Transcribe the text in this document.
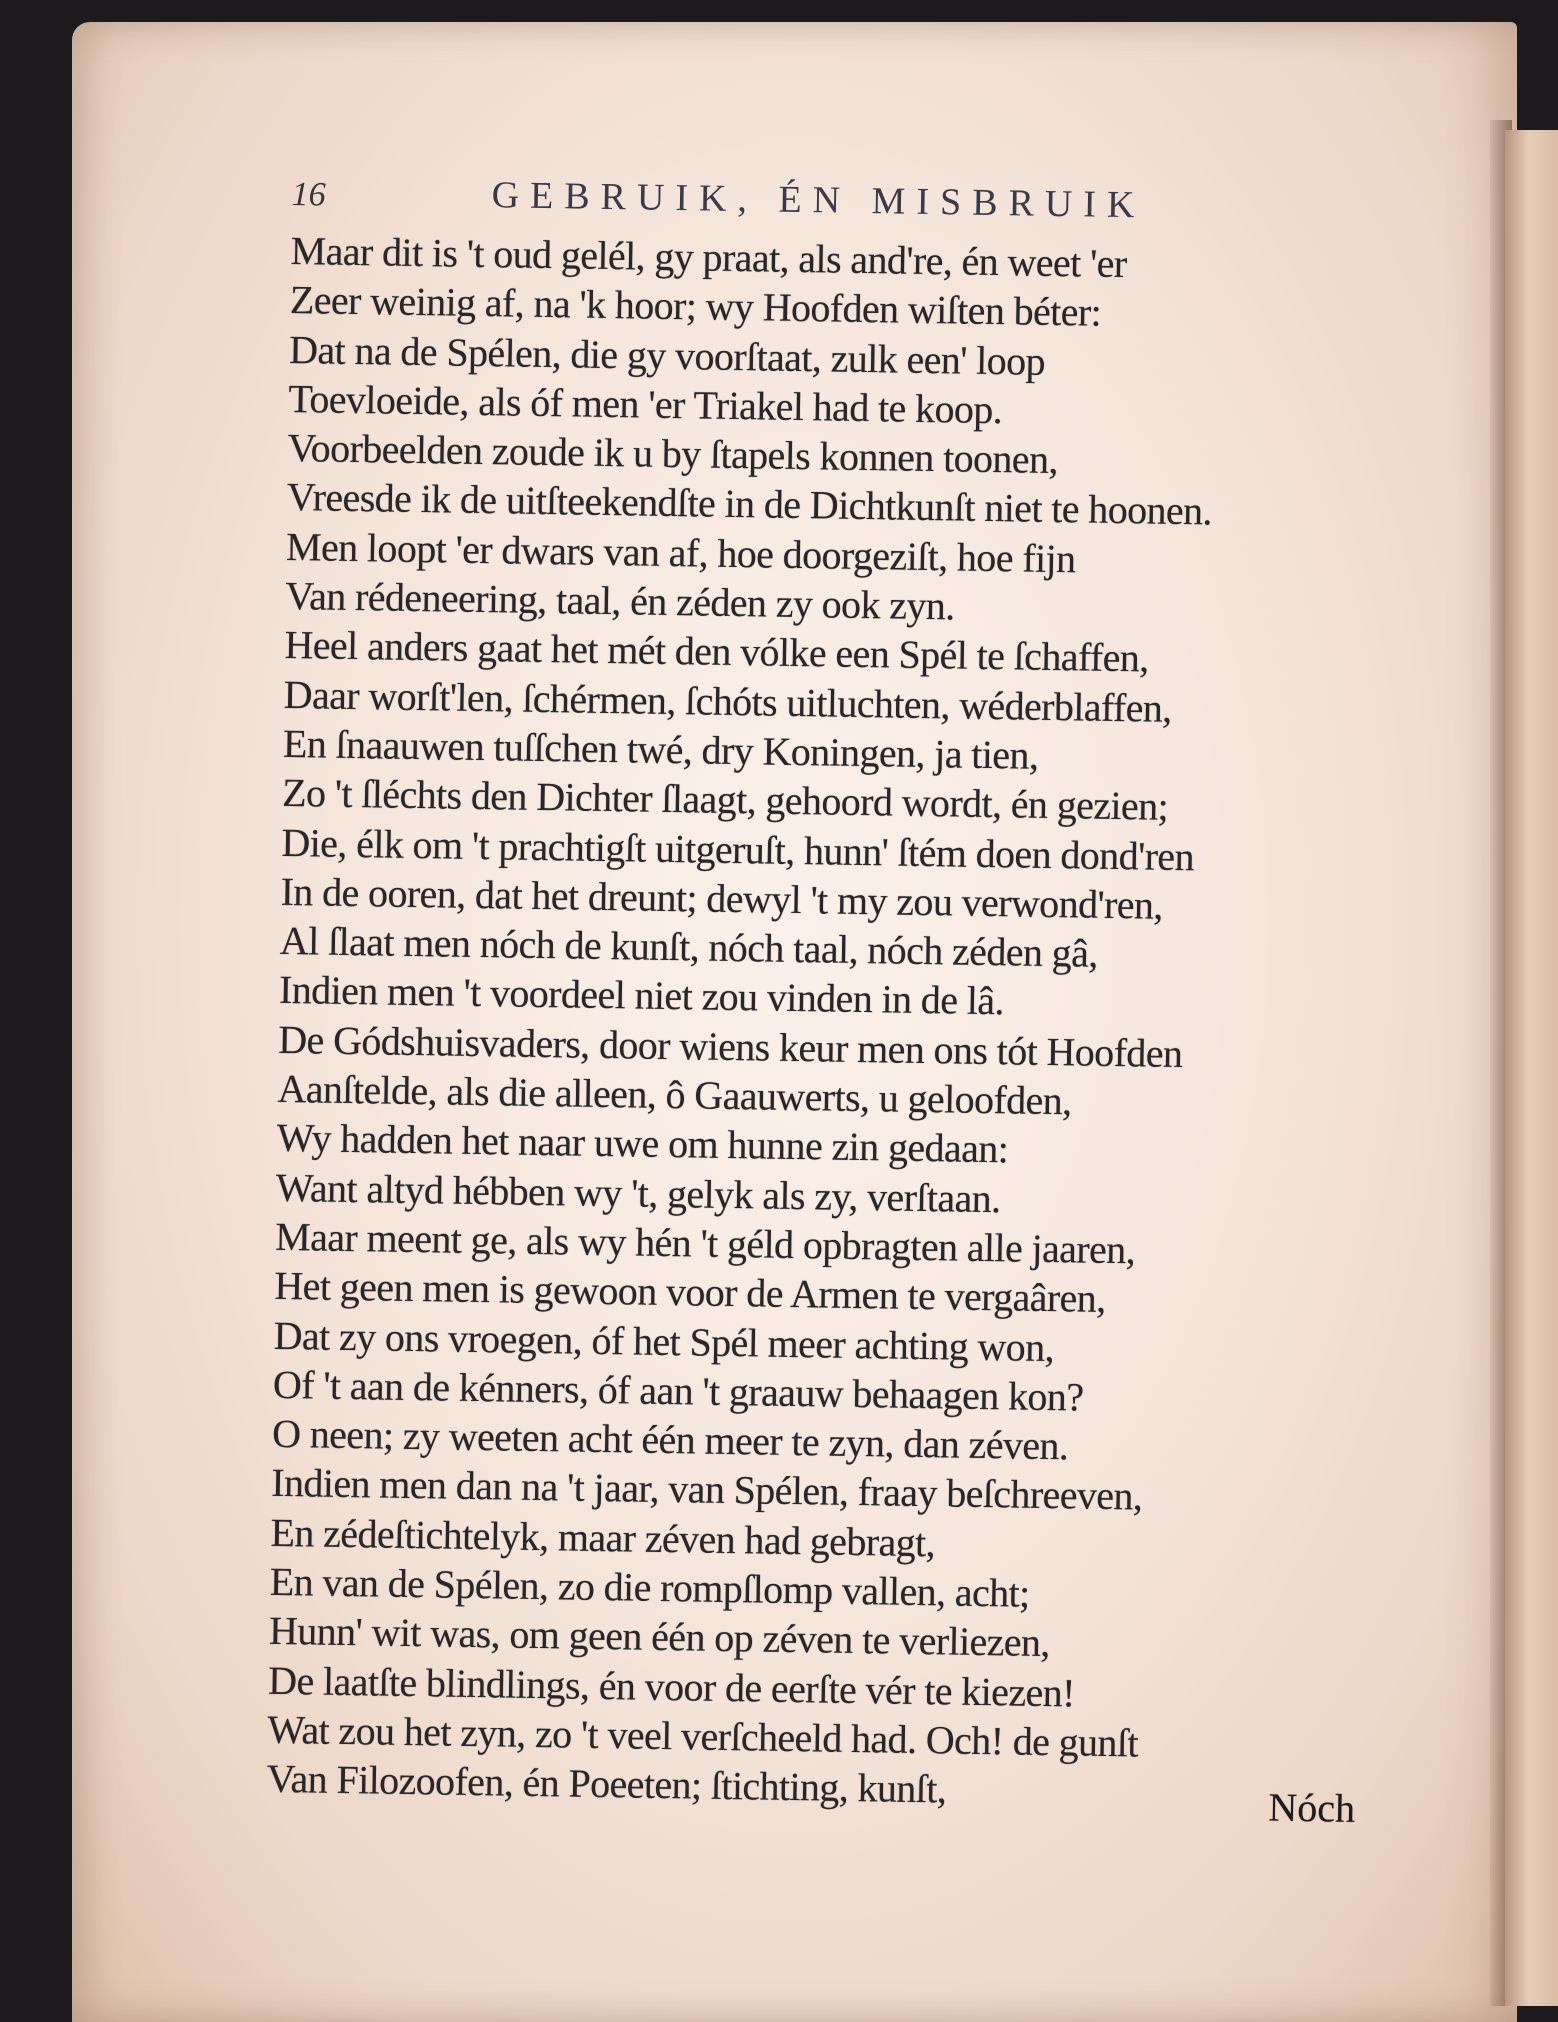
16	GEBRUIK, ÉN MISBRUIK
Maar dit is 't oud gelél, gy praat, als and're, én weet 'er
Zeer weinig af, na 'k hoor; wy Hoofden wiſten béter:
Dat na de Spélen, die gy voorſtaat, zulk een' loop
Toevloeide, als óf men 'er Triakel had te koop.
Voorbeelden zoude ik u by ſtapels konnen toonen,
Vreesde ik de uitſteekendſte in de Dichtkunſt niet te hoonen.
Men loopt 'er dwars van af, hoe doorgeziſt, hoe fijn
Van rédeneering, taal, én zéden zy ook zyn.
Heel anders gaat het mét den vólke een Spél te ſchaffen,
Daar worſt'len, ſchérmen, ſchóts uitluchten, wéderblaffen,
En ſnaauwen tuſſchen twé, dry Koningen, ja tien,
Zo 't ſléchts den Dichter ſlaagt, gehoord wordt, én gezien;
Die, élk om 't prachtigſt uitgeruſt, hunn' ſtém doen dond'ren
In de ooren, dat het dreunt; dewyl 't my zou verwond'ren,
Al ſlaat men nóch de kunſt, nóch taal, nóch zéden gâ,
Indien men 't voordeel niet zou vinden in de lâ.
De Gódshuisvaders, door wiens keur men ons tót Hoofden
Aanſtelde, als die alleen, ô Gaauwerts, u geloofden,
Wy hadden het naar uwe om hunne zin gedaan:
Want altyd hébben wy 't, gelyk als zy, verſtaan.
Maar meent ge, als wy hén 't géld opbragten alle jaaren,
Het geen men is gewoon voor de Armen te vergaâren,
Dat zy ons vroegen, óf het Spél meer achting won,
Of 't aan de kénners, óf aan 't graauw behaagen kon?
O neen; zy weeten acht één meer te zyn, dan zéven.
Indien men dan na 't jaar, van Spélen, fraay beſchreeven,
En zédeſtichtelyk, maar zéven had gebragt,
En van de Spélen, zo die rompſlomp vallen, acht;
Hunn' wit was, om geen één op zéven te verliezen,
De laatſte blindlings, én voor de eerſte vér te kiezen!
Wat zou het zyn, zo 't veel verſcheeld had. Och! de gunſt
Van Filozoofen, én Poeeten; ſtichting, kunſt,	Nóch
